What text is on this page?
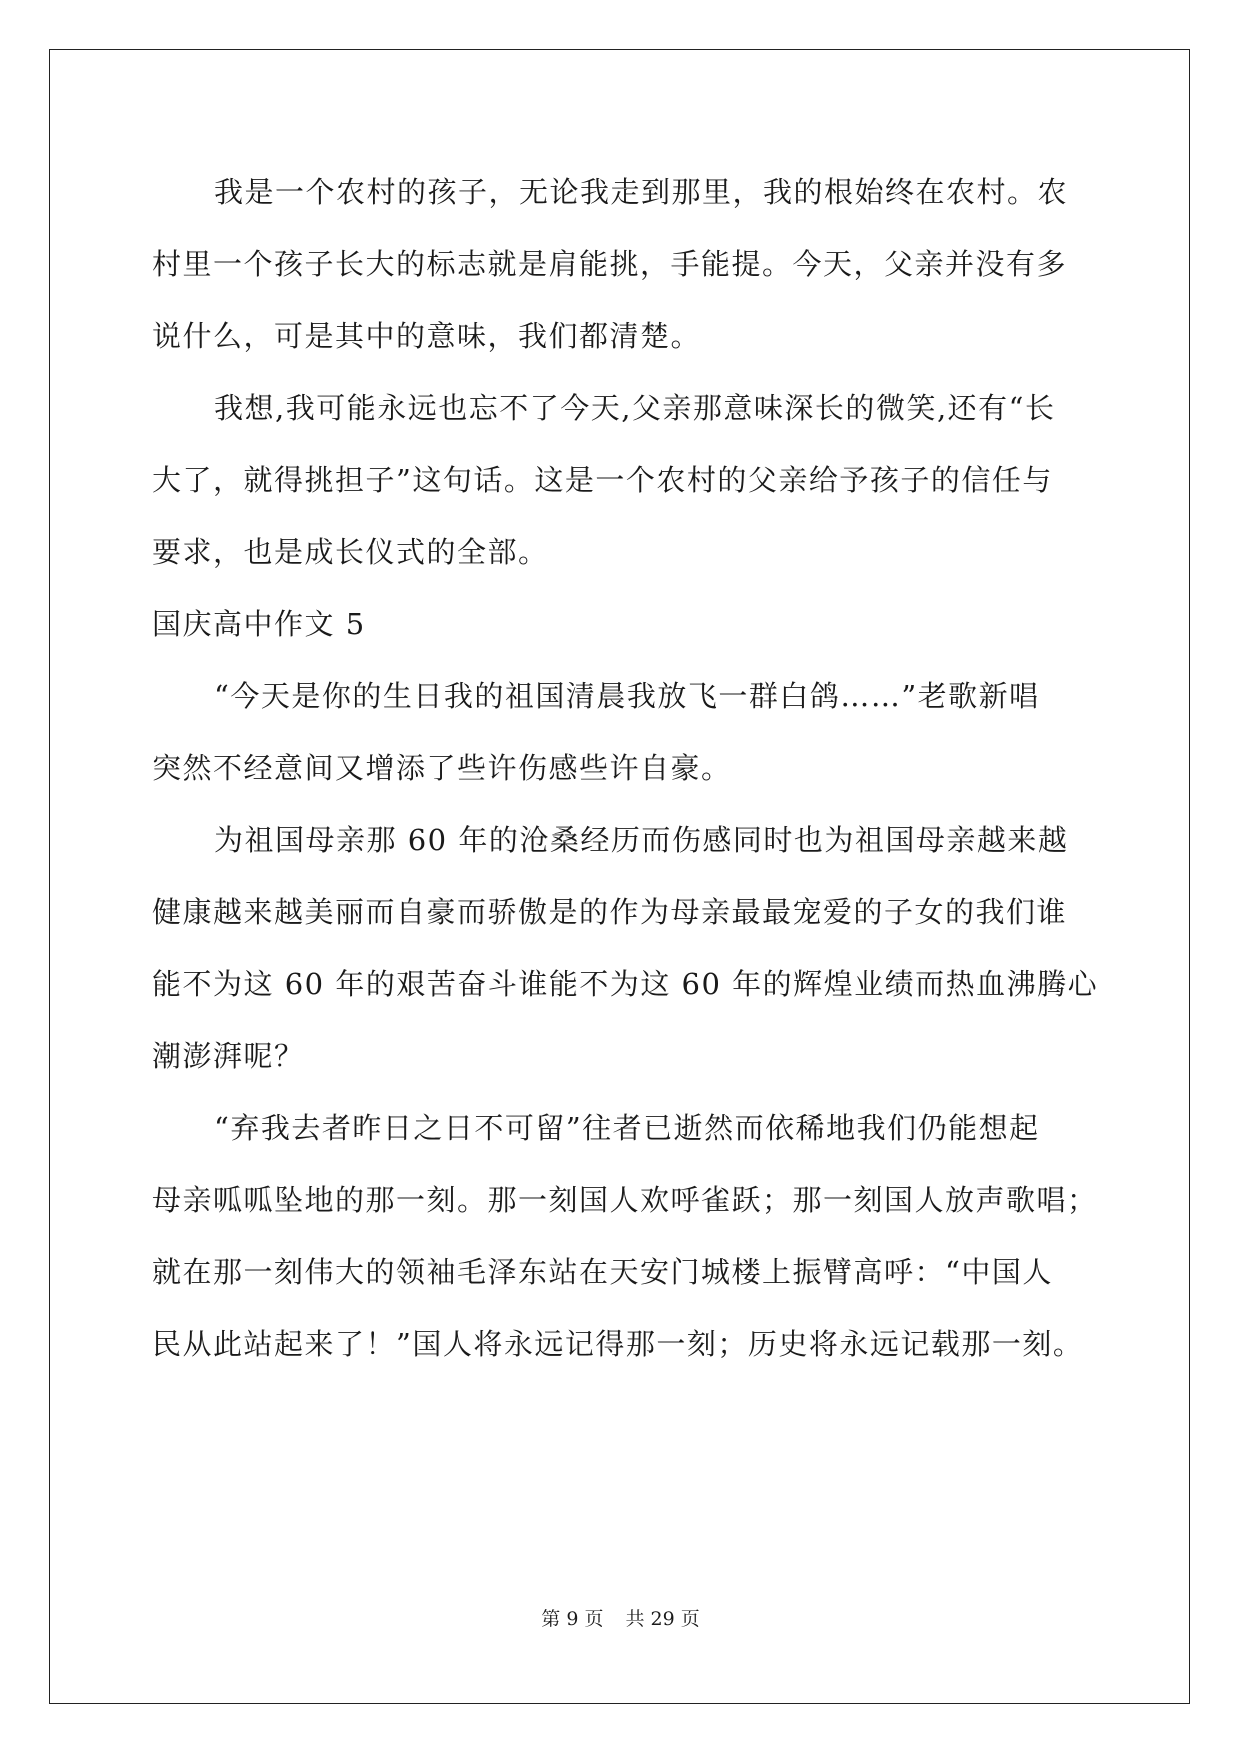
我是一个农村的孩子，无论我走到那里，我的根始终在农村。农
村里一个孩子长大的标志就是肩能挑，手能提。今天，父亲并没有多
说什么，可是其中的意味，我们都清楚。
我想,我可能永远也忘不了今天,父亲那意味深长的微笑,还有“长
大了，就得挑担子”这句话。这是一个农村的父亲给予孩子的信任与
要求，也是成长仪式的全部。
国庆高中作文 5
“今天是你的生日我的祖国清晨我放飞一群白鸽……”老歌新唱
突然不经意间又增添了些许伤感些许自豪。
为祖国母亲那 60 年的沧桑经历而伤感同时也为祖国母亲越来越
健康越来越美丽而自豪而骄傲是的作为母亲最最宠爱的子女的我们谁
能不为这 60 年的艰苦奋斗谁能不为这 60 年的辉煌业绩而热血沸腾心
潮澎湃呢？
“弃我去者昨日之日不可留”往者已逝然而依稀地我们仍能想起
母亲呱呱坠地的那一刻。那一刻国人欢呼雀跃；那一刻国人放声歌唱；
就在那一刻伟大的领袖毛泽东站在天安门城楼上振臂高呼：“中国人
民从此站起来了！”国人将永远记得那一刻；历史将永远记载那一刻。
第 9 页 共 29 页
